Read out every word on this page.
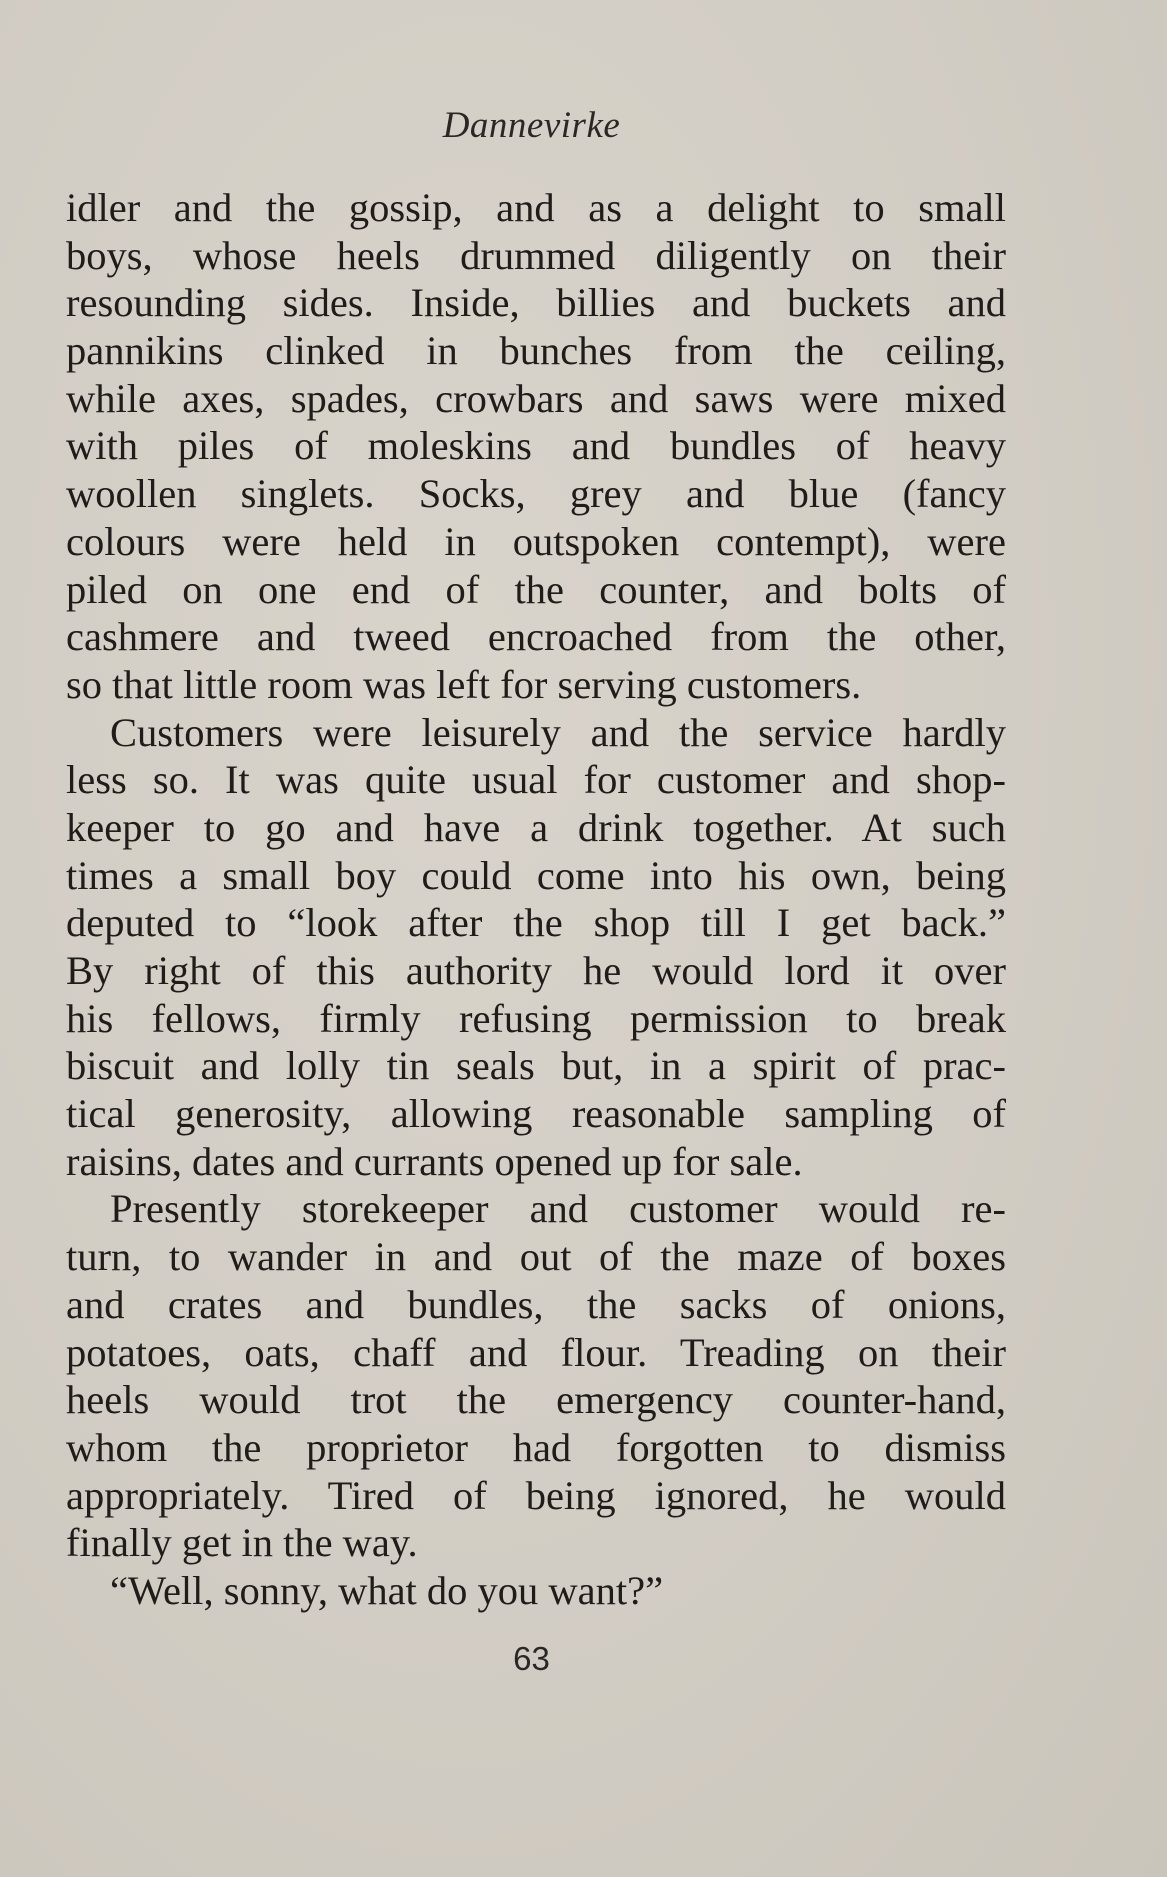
Dannevirke
idler and the gossip, and as a delight to small
boys, whose heels drummed diligently on their
resounding sides. Inside, billies and buckets and
pannikins clinked in bunches from the ceiling,
while axes, spades, crowbars and saws were mixed
with piles of moleskins and bundles of heavy
woollen singlets. Socks, grey and blue (fancy
colours were held in outspoken contempt), were
piled on one end of the counter, and bolts of
cashmere and tweed encroached from the other,
so that little room was left for serving customers.
Customers were leisurely and the service hardly
less so. It was quite usual for customer and shop-
keeper to go and have a drink together. At such
times a small boy could come into his own, being
deputed to “look after the shop till I get back.”
By right of this authority he would lord it over
his fellows, firmly refusing permission to break
biscuit and lolly tin seals but, in a spirit of prac-
tical generosity, allowing reasonable sampling of
raisins, dates and currants opened up for sale.
Presently storekeeper and customer would re-
turn, to wander in and out of the maze of boxes
and crates and bundles, the sacks of onions,
potatoes, oats, chaff and flour. Treading on their
heels would trot the emergency counter-hand,
whom the proprietor had forgotten to dismiss
appropriately. Tired of being ignored, he would
finally get in the way.
“Well, sonny, what do you want?”
63
